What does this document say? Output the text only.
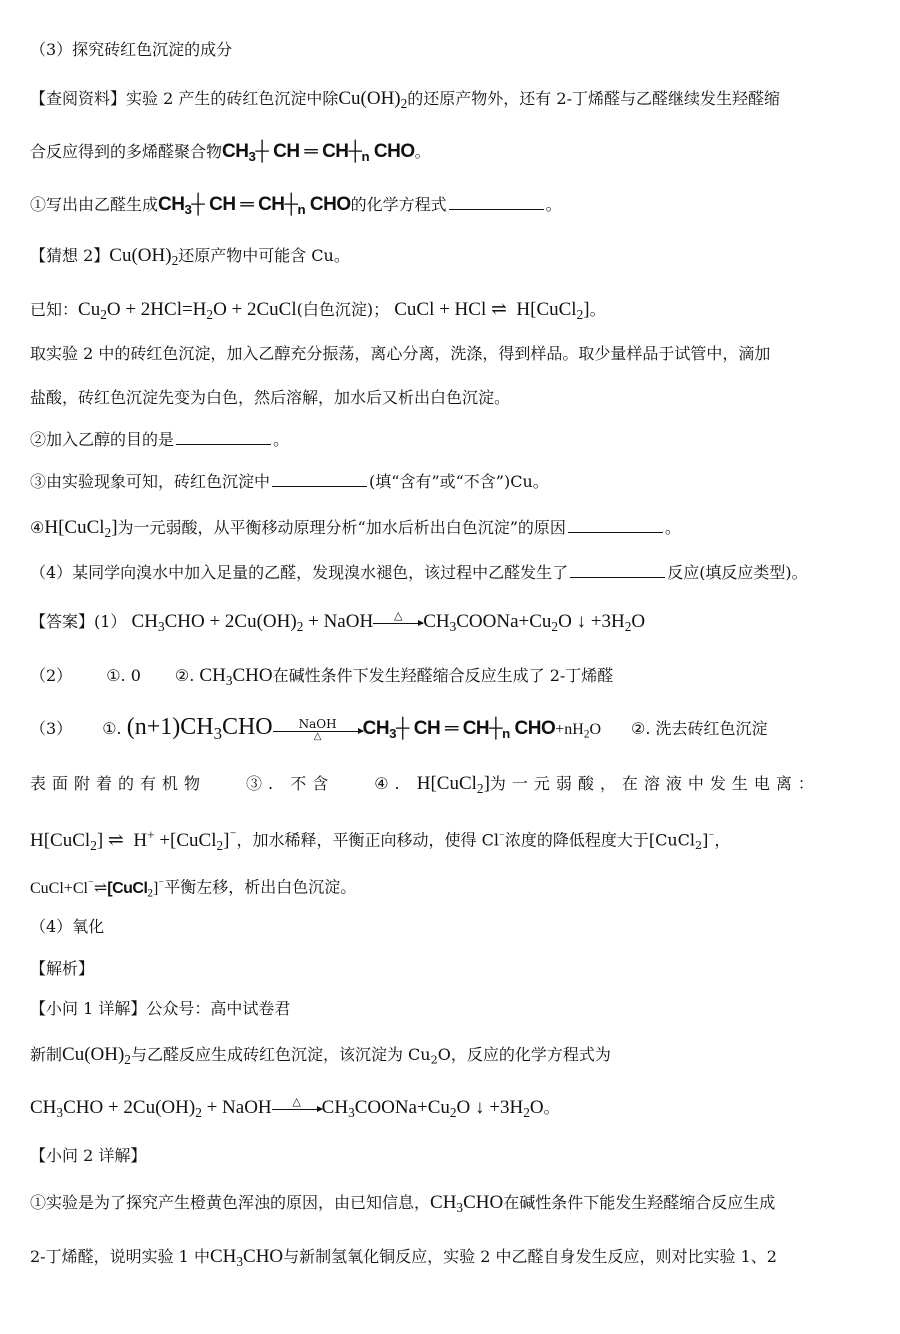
（3）探究砖红色沉淀的成分
【查阅资料】实验 2 产生的砖红色沉淀中除$Cu(OH)_2$的还原产物外，还有 2-丁烯醛与乙醛继续发生羟醛缩
合反应得到的多烯醛聚合物$CH_3┼$ CH ═ $CH┼_n$ CHO。
①写出由乙醛生成$CH_3┼$ CH ═ $CH┼_n$ CHO的化学方程式	。
【猜想 2】$Cu(OH)_2$还原产物中可能含 Cu。
已知：$Cu_2O + 2HCl=H_2O$ + 2CuCl(白色沉淀)； CuCl + HCl ⇌  H[CuCl$_2$]。
取实验 2 中的砖红色沉淀，加入乙醇充分振荡，离心分离，洗涤，得到样品。取少量样品于试管中，滴加
盐酸，砖红色沉淀先变为白色，然后溶解，加水后又析出白色沉淀。
②加入乙醇的目的是	。
③由实验现象可知，砖红色沉淀中	(填“含有”或“不含”)Cu。
④H[CuCl$_2$]为一元弱酸，从平衡移动原理分析“加水后析出白色沉淀”的原因	。
（4）某同学向溴水中加入足量的乙醛，发现溴水褪色，该过程中乙醛发生了	反应(填反应类型)。
【答案】(1） $CH_3CHO + 2Cu(OH)_2$ + NaOH	△
	$CH_3COONa+Cu_2O$ ↓ $+3H_2O$
（2） ①. 0 ②. $CH_3CHO$在碱性条件下发生羟醛缩合反应生成了 2-丁烯醛
（3） ①. $(n+1)CH_3CHO$	NaOH
△	$CH_3┼$ CH ═ $CH┼_n$ $CHO+nH_2O$ ②. 洗去砖红色沉淀
表面附着的有机物	③. 不含	④. H[CuCl$_2$]为一元弱酸，在溶液中发生电离：
H[CuCl$_2$] ⇌  H+ +[CuCl$_2$]⁻，加水稀释，平衡正向移动，使得 Cl⁻浓度的降低程度大于[CuCl$_2$]⁻，
CuCl+Cl⁻⇌[CuCl$_2$]⁻平衡左移，析出白色沉淀。
（4）氧化
【解析】
【小问 1 详解】公众号：高中试卷君
新制$Cu(OH)_2$与乙醛反应生成砖红色沉淀，该沉淀为 $Cu_2O$，反应的化学方程式为
$CH_3CHO + 2Cu(OH)_2$ + NaOH	△
	$CH_3COONa+Cu_2O$ ↓ $+3H_2O$。
【小问 2 详解】
①实验是为了探究产生橙黄色浑浊的原因，由已知信息，$CH_3CHO$在碱性条件下能发生羟醛缩合反应生成
2-丁烯醛，说明实验 1 中$CH_3CHO$与新制氢氧化铜反应，实验 2 中乙醛自身发生反应，则对比实验 1、2
